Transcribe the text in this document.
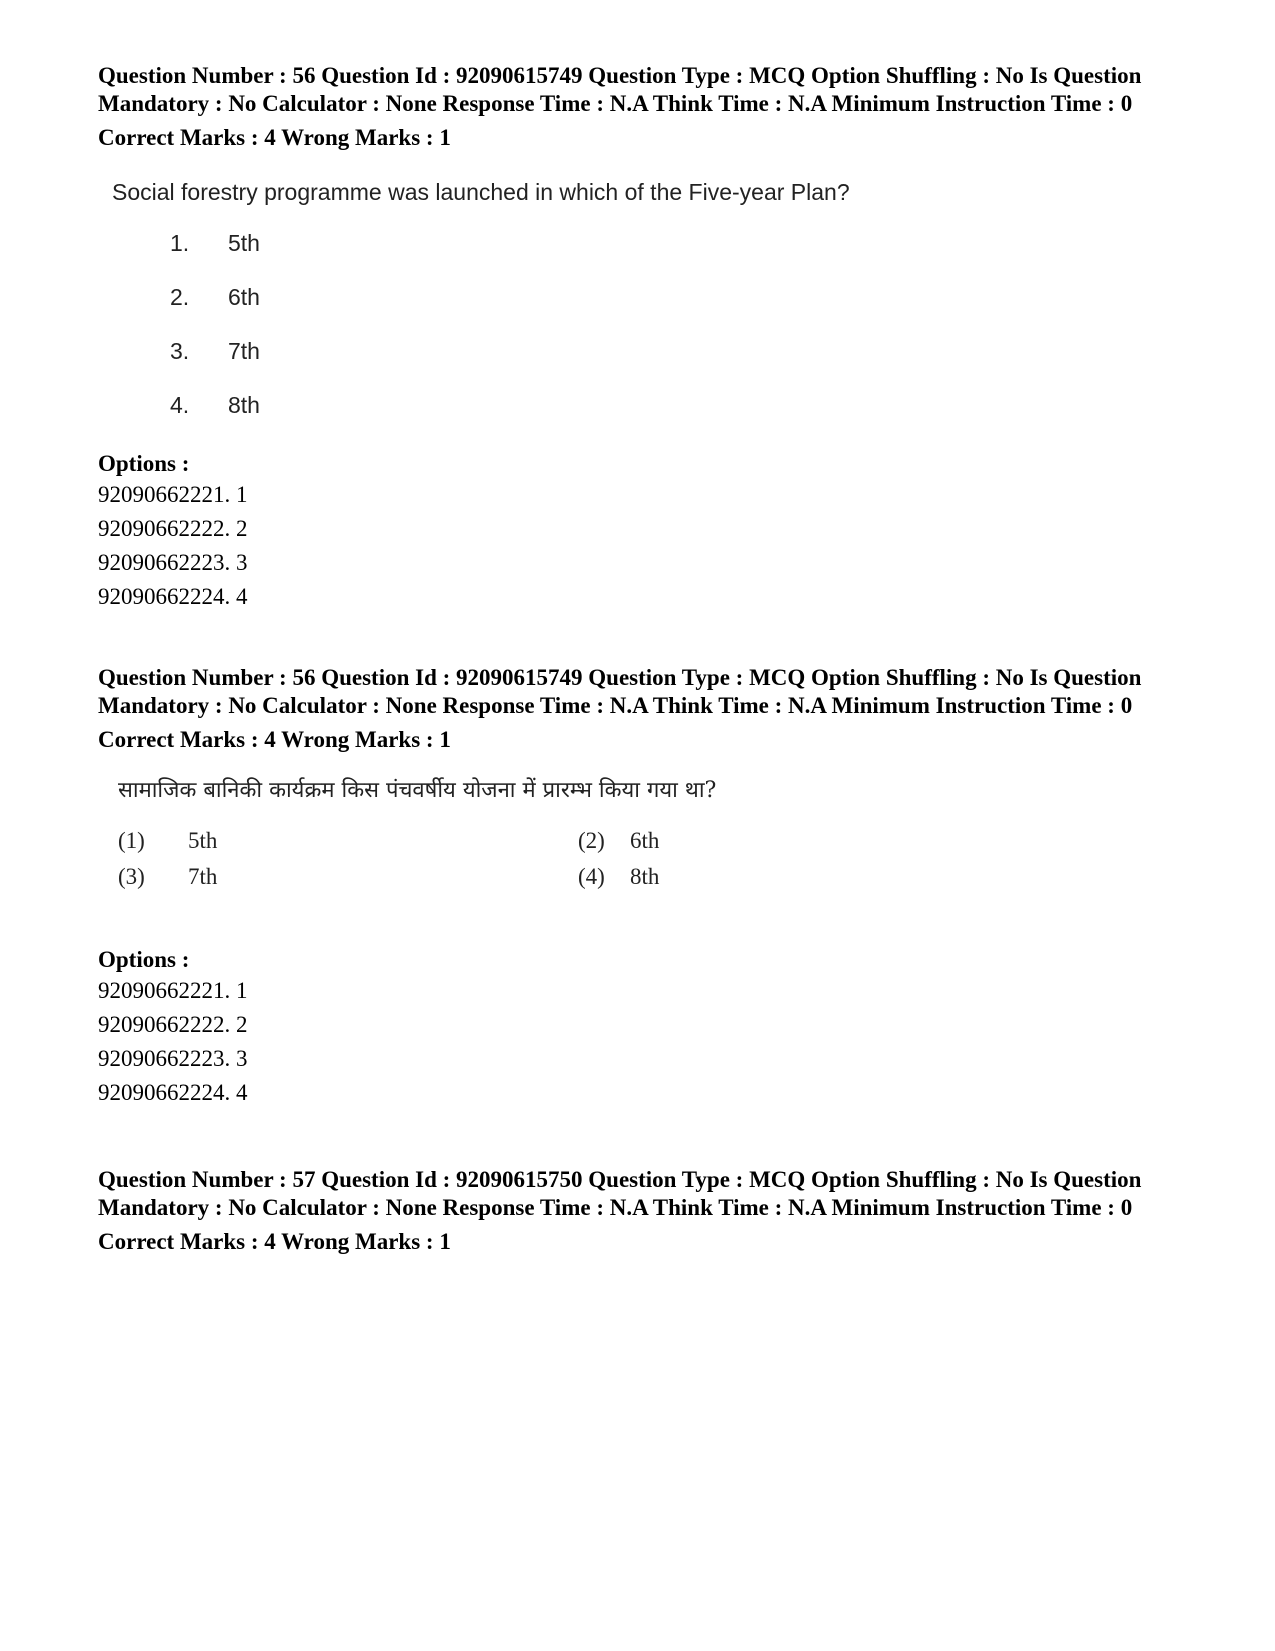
Question Number : 56 Question Id : 92090615749 Question Type : MCQ Option Shuffling : No Is Question Mandatory : No Calculator : None Response Time : N.A Think Time : N.A Minimum Instruction Time : 0

Correct Marks : 4 Wrong Marks : 1

Social forestry programme was launched in which of the Five-year Plan?
1.	5th
2.	6th
3.	7th
4.	8th
Options :
92090662221. 1
92090662222. 2
92090662223. 3
92090662224. 4

Question Number : 56 Question Id : 92090615749 Question Type : MCQ Option Shuffling : No Is Question Mandatory : No Calculator : None Response Time : N.A Think Time : N.A Minimum Instruction Time : 0

Correct Marks : 4 Wrong Marks : 1

सामाजिक बानिकी कार्यक्रम किस पंचवर्षीय योजना में प्रारम्भ किया गया था?
(1)	5th	(2)	6th
(3)	7th	(4)	8th
Options :
92090662221. 1
92090662222. 2
92090662223. 3
92090662224. 4

Question Number : 57 Question Id : 92090615750 Question Type : MCQ Option Shuffling : No Is Question Mandatory : No Calculator : None Response Time : N.A Think Time : N.A Minimum Instruction Time : 0

Correct Marks : 4 Wrong Marks : 1
